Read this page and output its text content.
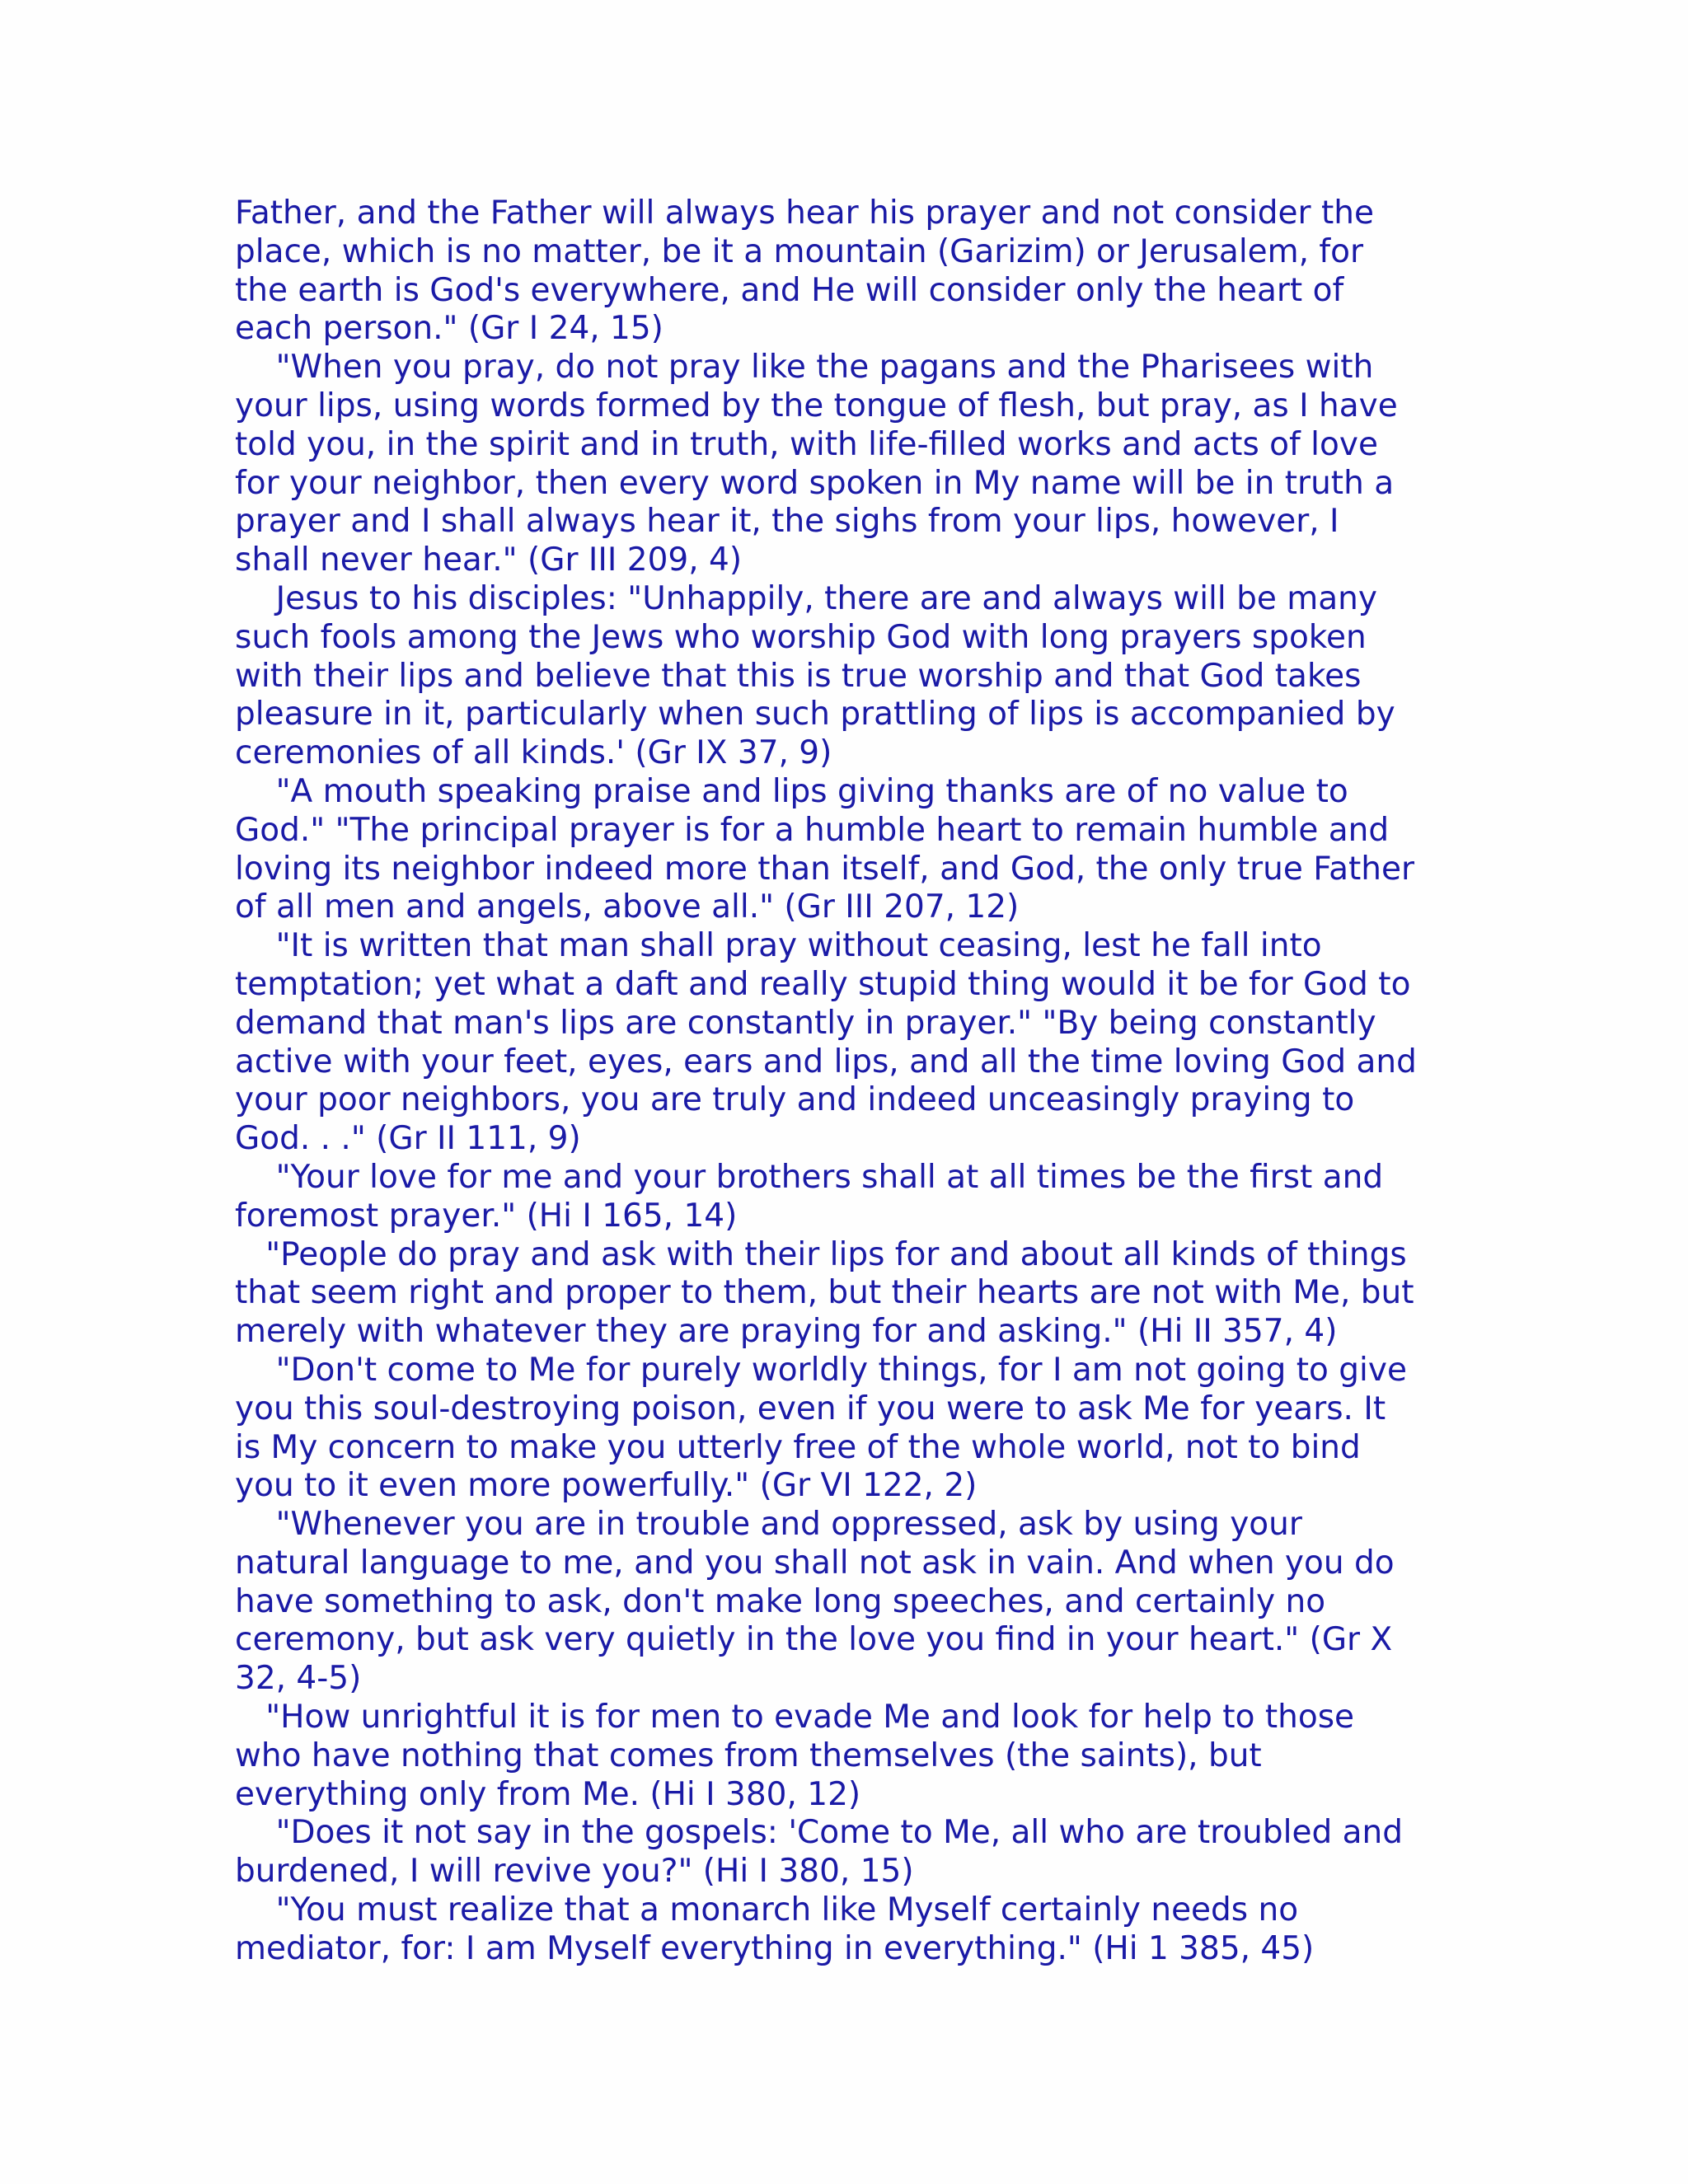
Father, and the Father will always hear his prayer and not consider the
place, which is no matter, be it a mountain (Garizim) or Jerusalem, for
the earth is God's everywhere, and He will consider only the heart of
each person." (Gr I 24, 15)
"When you pray, do not pray like the pagans and the Pharisees with
your lips, using words formed by the tongue of flesh, but pray, as I have
told you, in the spirit and in truth, with life-filled works and acts of love
for your neighbor, then every word spoken in My name will be in truth a
prayer and I shall always hear it, the sighs from your lips, however, I
shall never hear." (Gr III 209, 4)
Jesus to his disciples: "Unhappily, there are and always will be many
such fools among the Jews who worship God with long prayers spoken
with their lips and believe that this is true worship and that God takes
pleasure in it, particularly when such prattling of lips is accompanied by
ceremonies of all kinds.' (Gr IX 37, 9)
"A mouth speaking praise and lips giving thanks are of no value to
God." "The principal prayer is for a humble heart to remain humble and
loving its neighbor indeed more than itself, and God, the only true Father
of all men and angels, above all." (Gr III 207, 12)
"It is written that man shall pray without ceasing, lest he fall into
temptation; yet what a daft and really stupid thing would it be for God to
demand that man's lips are constantly in prayer." "By being constantly
active with your feet, eyes, ears and lips, and all the time loving God and
your poor neighbors, you are truly and indeed unceasingly praying to
God. . ." (Gr II 111, 9)
"Your love for me and your brothers shall at all times be the first and
foremost prayer." (Hi I 165, 14)
"People do pray and ask with their lips for and about all kinds of things
that seem right and proper to them, but their hearts are not with Me, but
merely with whatever they are praying for and asking." (Hi II 357, 4)
"Don't come to Me for purely worldly things, for I am not going to give
you this soul-destroying poison, even if you were to ask Me for years. It
is My concern to make you utterly free of the whole world, not to bind
you to it even more powerfully." (Gr VI 122, 2)
"Whenever you are in trouble and oppressed, ask by using your
natural language to me, and you shall not ask in vain. And when you do
have something to ask, don't make long speeches, and certainly no
ceremony, but ask very quietly in the love you find in your heart." (Gr X
32, 4-5)
"How unrightful it is for men to evade Me and look for help to those
who have nothing that comes from themselves (the saints), but
everything only from Me. (Hi I 380, 12)
"Does it not say in the gospels: 'Come to Me, all who are troubled and
burdened, I will revive you?" (Hi I 380, 15)
"You must realize that a monarch like Myself certainly needs no
mediator, for: I am Myself everything in everything." (Hi 1 385, 45)
